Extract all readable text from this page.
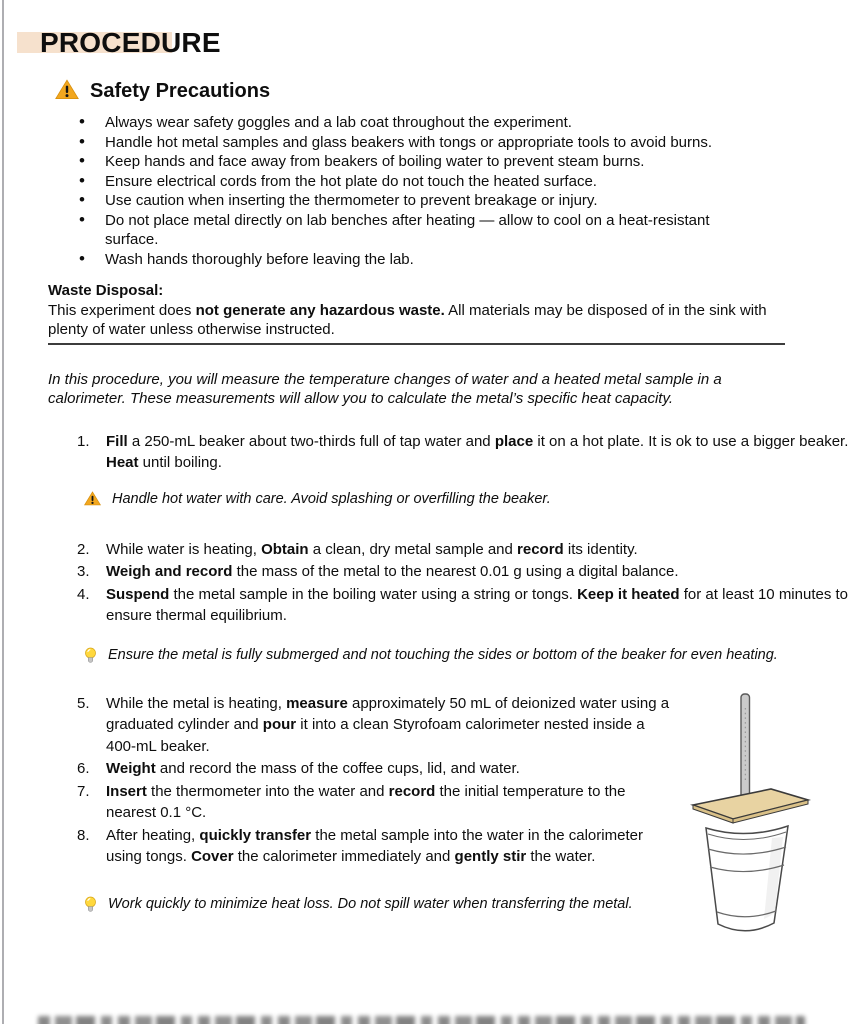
PROCEDURE
Safety Precautions
• Always wear safety goggles and a lab coat throughout the experiment.
• Handle hot metal samples and glass beakers with tongs or appropriate tools to avoid burns.
• Keep hands and face away from beakers of boiling water to prevent steam burns.
• Ensure electrical cords from the hot plate do not touch the heated surface.
• Use caution when inserting the thermometer to prevent breakage or injury.
• Do not place metal directly on lab benches after heating — allow to cool on a heat-resistant surface.
• Wash hands thoroughly before leaving the lab.
Waste Disposal:
This experiment does not generate any hazardous waste. All materials may be disposed of in the sink with plenty of water unless otherwise instructed.
In this procedure, you will measure the temperature changes of water and a heated metal sample in a calorimeter. These measurements will allow you to calculate the metal’s specific heat capacity.
1. Fill a 250-mL beaker about two-thirds full of tap water and place it on a hot plate. It is ok to use a bigger beaker.
Heat until boiling.
Handle hot water with care. Avoid splashing or overfilling the beaker.
2. While water is heating, Obtain a clean, dry metal sample and record its identity.
3. Weigh and record the mass of the metal to the nearest 0.01 g using a digital balance.
4. Suspend the metal sample in the boiling water using a string or tongs. Keep it heated for at least 10 minutes to ensure thermal equilibrium.
Ensure the metal is fully submerged and not touching the sides or bottom of the beaker for even heating.
5. While the metal is heating, measure approximately 50 mL of deionized water using a graduated cylinder and pour it into a clean Styrofoam calorimeter nested inside a 400-mL beaker.
6. Weight and record the mass of the coffee cups, lid, and water.
7. Insert the thermometer into the water and record the initial temperature to the nearest 0.1 °C.
8. After heating, quickly transfer the metal sample into the water in the calorimeter using tongs. Cover the calorimeter immediately and gently stir the water.
Work quickly to minimize heat loss. Do not spill water when transferring the metal.
